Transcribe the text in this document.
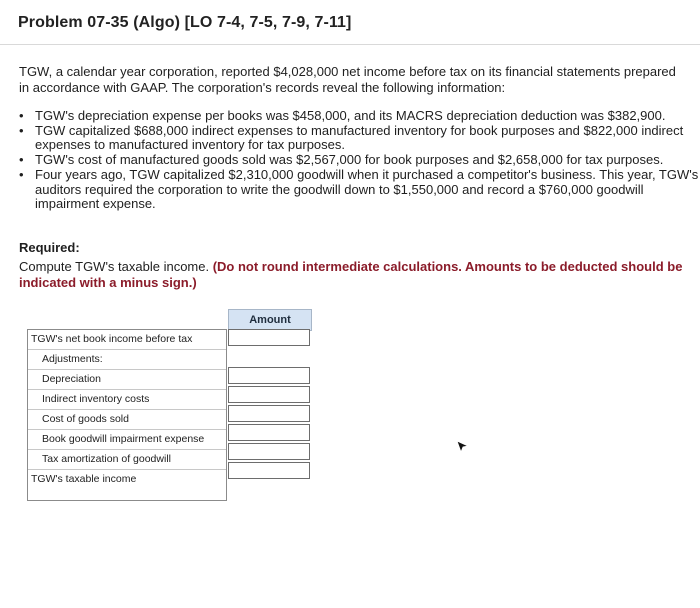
Problem 07-35 (Algo) [LO 7-4, 7-5, 7-9, 7-11]
TGW, a calendar year corporation, reported $4,028,000 net income before tax on its financial statements prepared in accordance with GAAP. The corporation's records reveal the following information:
• TGW's depreciation expense per books was $458,000, and its MACRS depreciation deduction was $382,900.
• TGW capitalized $688,000 indirect expenses to manufactured inventory for book purposes and $822,000 indirect expenses to manufactured inventory for tax purposes.
• TGW's cost of manufactured goods sold was $2,567,000 for book purposes and $2,658,000 for tax purposes.
• Four years ago, TGW capitalized $2,310,000 goodwill when it purchased a competitor's business. This year, TGW's auditors required the corporation to write the goodwill down to $1,550,000 and record a $760,000 goodwill impairment expense.
Required:
Compute TGW's taxable income. (Do not round intermediate calculations. Amounts to be deducted should be indicated with a minus sign.)
Amount
TGW's net book income before tax
Adjustments:
Depreciation
Indirect inventory costs
Cost of goods sold
Book goodwill impairment expense
Tax amortization of goodwill
TGW's taxable income
